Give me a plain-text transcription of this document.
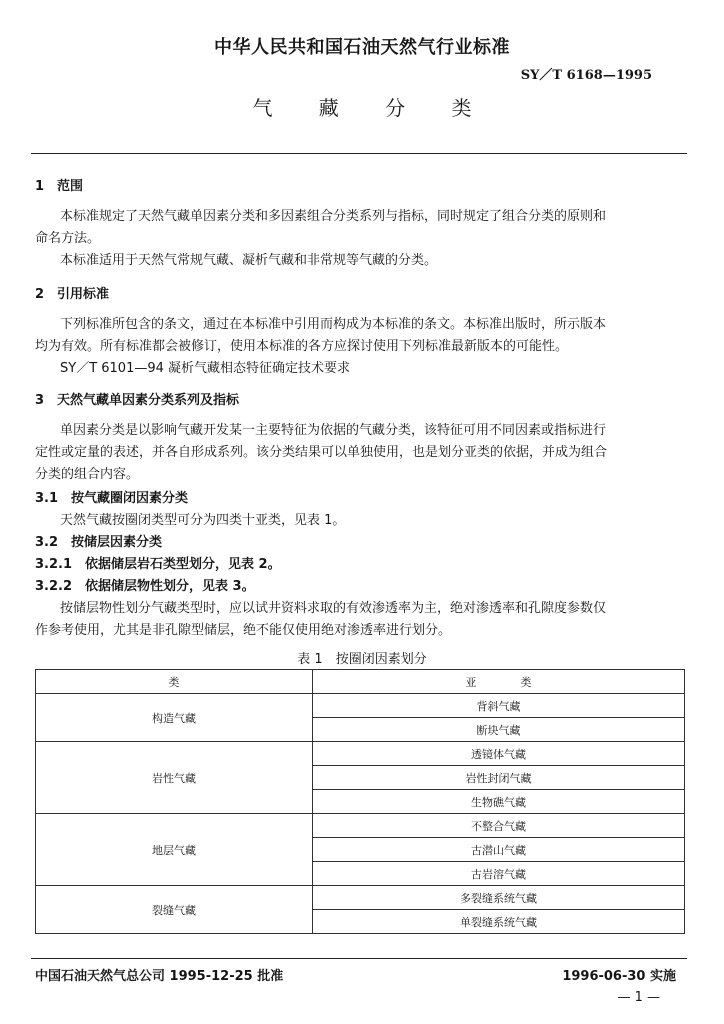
中华人民共和国石油天然气行业标准
SY／T 6168—1995
气 藏 分 类
1　范围
本标准规定了天然气藏单因素分类和多因素组合分类系列与指标，同时规定了组合分类的原则和
命名方法。
本标准适用于天然气常规气藏、凝析气藏和非常规等气藏的分类。
2　引用标准
下列标准所包含的条文，通过在本标准中引用而构成为本标准的条文。本标准出版时，所示版本
均为有效。所有标准都会被修订，使用本标准的各方应探讨使用下列标准最新版本的可能性。
SY／T 6101—94 凝析气藏相态特征确定技术要求
3　天然气藏单因素分类系列及指标
单因素分类是以影响气藏开发某一主要特征为依据的气藏分类，该特征可用不同因素或指标进行
定性或定量的表述，并各自形成系列。该分类结果可以单独使用，也是划分亚类的依据，并成为组合
分类的组合内容。
3.1　按气藏圈闭因素分类
天然气藏按圈闭类型可分为四类十亚类，见表 1。
3.2　按储层因素分类
3.2.1　依据储层岩石类型划分，见表 2。
3.2.2　依据储层物性划分，见表 3。
按储层物性划分气藏类型时，应以试井资料求取的有效渗透率为主，绝对渗透率和孔隙度参数仅
作参考使用，尤其是非孔隙型储层，绝不能仅使用绝对渗透率进行划分。
表 1　按圈闭因素划分
类	亚　　　　类
构造气藏	背斜气藏
	断块气藏
岩性气藏	透镜体气藏
	岩性封闭气藏
	生物礁气藏
地层气藏	不整合气藏
	古潜山气藏
	古岩溶气藏
裂缝气藏	多裂缝系统气藏
	单裂缝系统气藏
中国石油天然气总公司 1995-12-25 批准	1996-06-30 实施
— 1 —
